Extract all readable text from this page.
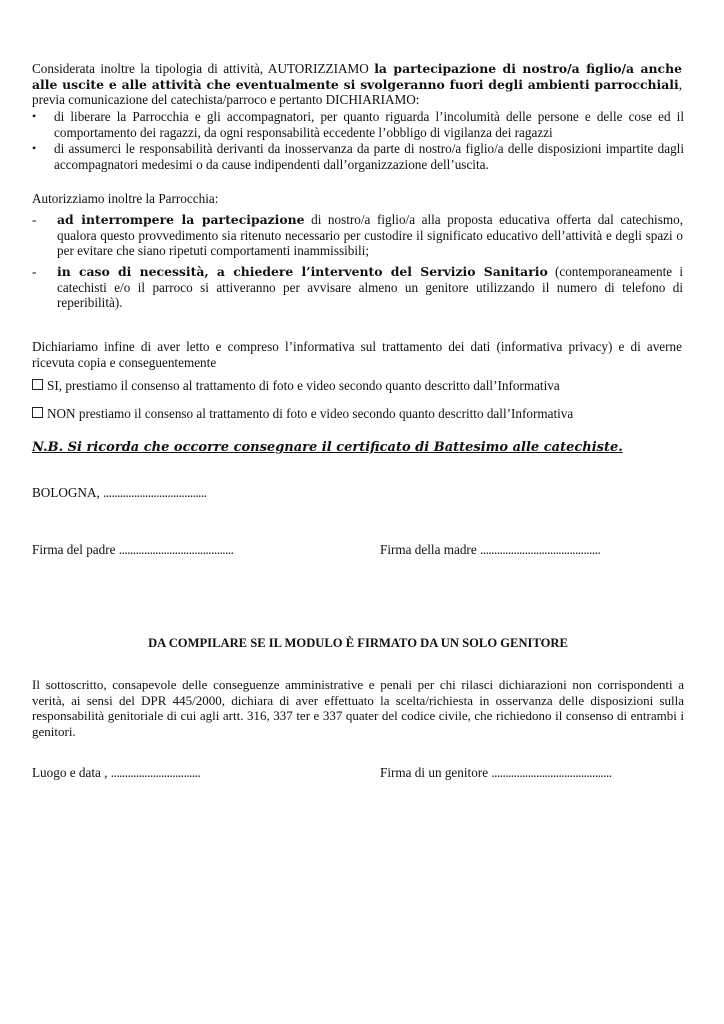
Considerata inoltre la tipologia di attività, AUTORIZZIAMO la partecipazione di nostro/a figlio/a anche alle uscite e alle attività che eventualmente si svolgeranno fuori degli ambienti parrocchiali, previa comunicazione del catechista/parroco e pertanto DICHIARIAMO:
• di liberare la Parrocchia e gli accompagnatori, per quanto riguarda l’incolumità delle persone e delle cose ed il comportamento dei ragazzi, da ogni responsabilità eccedente l’obbligo di vigilanza dei ragazzi
• di assumerci le responsabilità derivanti da inosservanza da parte di nostro/a figlio/a delle disposizioni impartite dagli accompagnatori medesimi o da cause indipendenti dall’organizzazione dell’uscita.
Autorizziamo inoltre la Parrocchia:
- ad interrompere la partecipazione di nostro/a figlio/a alla proposta educativa offerta dal catechismo, qualora questo provvedimento sia ritenuto necessario per custodire il significato educativo dell’attività e degli spazi o per evitare che siano ripetuti comportamenti inammissibili;
- in caso di necessità, a chiedere l’intervento del Servizio Sanitario (contemporaneamente i catechisti e/o il parroco si attiveranno per avvisare almeno un genitore utilizzando il numero di telefono di reperibilità).
Dichiariamo infine di aver letto e compreso l’informativa sul trattamento dei dati (informativa privacy) e di averne ricevuta copia e conseguentemente
SI, prestiamo il consenso al trattamento di foto e video secondo quanto descritto dall’Informativa
NON prestiamo il consenso al trattamento di foto e video secondo quanto descritto dall’Informativa
N.B. Si ricorda che occorre consegnare il certificato di Battesimo alle catechiste.
BOLOGNA, .....................................
Firma del padre .........................................	Firma della madre ...........................................
DA COMPILARE SE IL MODULO È FIRMATO DA UN SOLO GENITORE
Il sottoscritto, consapevole delle conseguenze amministrative e penali per chi rilasci dichiarazioni non corrispondenti a verità, ai sensi del DPR 445/2000, dichiara di aver effettuato la scelta/richiesta in osservanza delle disposizioni sulla responsabilità genitoriale di cui agli artt. 316, 337 ter e 337 quater del codice civile, che richiedono il consenso di entrambi i genitori.
Luogo e data , ................................	Firma di un genitore ...........................................
